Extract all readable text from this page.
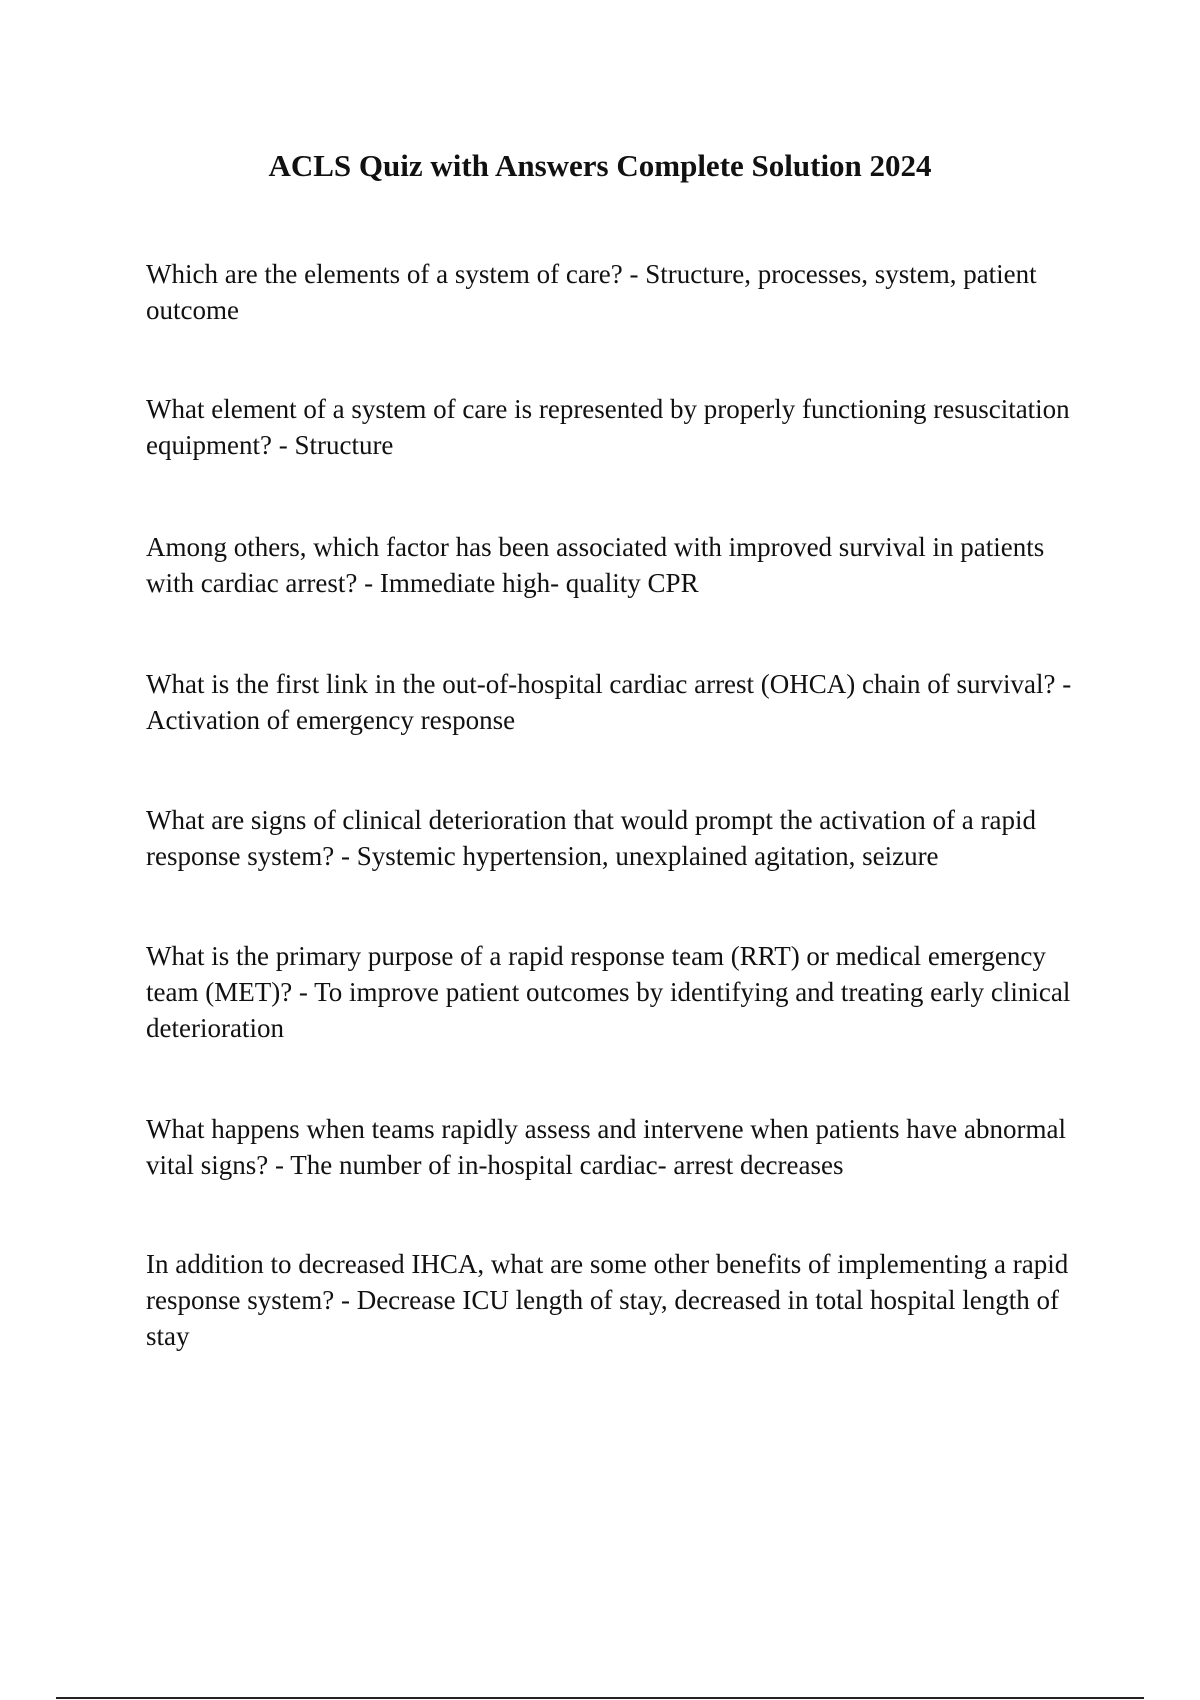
ACLS Quiz with Answers Complete Solution 2024

Which are the elements of a system of care? - Structure, processes, system, patient outcome

What element of a system of care is represented by properly functioning resuscitation equipment? - Structure

Among others, which factor has been associated with improved survival in patients with cardiac arrest? - Immediate high- quality CPR

What is the first link in the out-of-hospital cardiac arrest (OHCA) chain of survival? - Activation of emergency response

What are signs of clinical deterioration that would prompt the activation of a rapid response system? - Systemic hypertension, unexplained agitation, seizure

What is the primary purpose of a rapid response team (RRT) or medical emergency team (MET)? - To improve patient outcomes by identifying and treating early clinical deterioration

What happens when teams rapidly assess and intervene when patients have abnormal vital signs? - The number of in-hospital cardiac- arrest decreases

In addition to decreased IHCA, what are some other benefits of implementing a rapid response system? - Decrease ICU length of stay, decreased in total hospital length of stay
